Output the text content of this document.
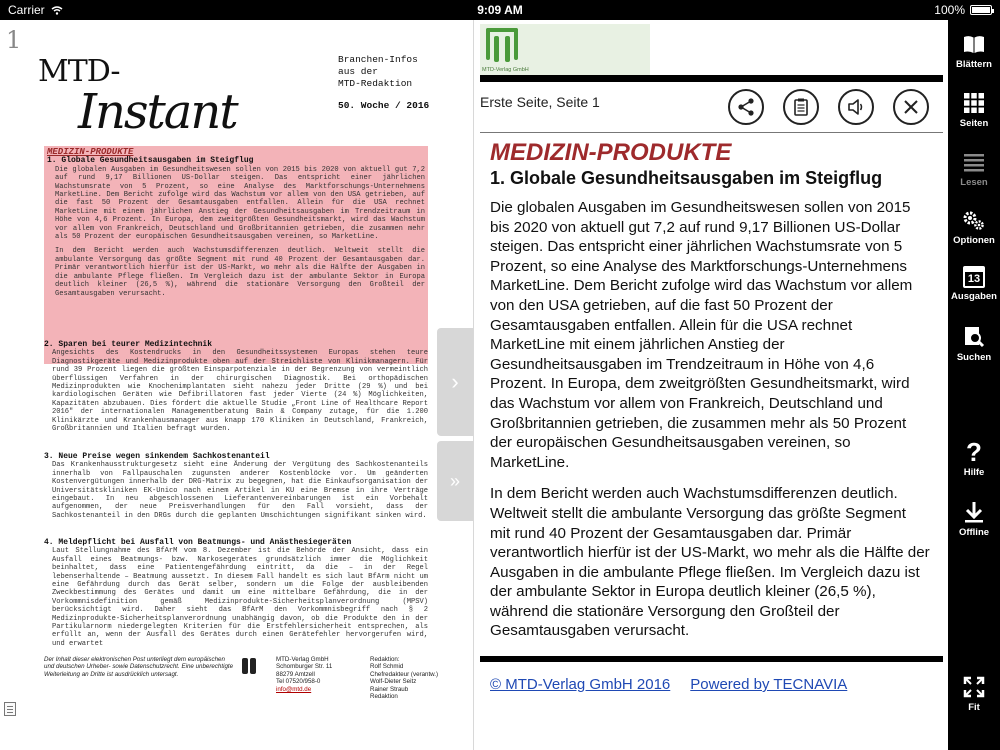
Carrier	9:09 AM	100%
1
MTD-
Instant
Branchen-Infos
aus der
MTD-Redaktion
50. Woche / 2016
MEDIZIN-PRODUKTE
1. Globale Gesundheitsausgaben im Steigflug

Die globalen Ausgaben im Gesundheitswesen sollen von 2015 bis 2020 von aktuell gut 7,2 auf rund 9,17 Billionen US-Dollar steigen. Das entspricht einer jährlichen Wachstumsrate von 5 Prozent, so eine Analyse des Marktforschungs-Unternehmens MarketLine. Dem Bericht zufolge wird das Wachstum vor allem von den USA getrieben, auf die fast 50 Prozent der Gesamtausgaben entfallen. Allein für die USA rechnet MarketLine mit einem jährlichen Anstieg der Gesundheitsausgaben im Trendzeitraum in Höhe von 4,6 Prozent. In Europa, dem zweitgrößten Gesundheitsmarkt, wird das Wachstum vor allem von Frankreich, Deutschland und Großbritannien getrieben, die zusammen mehr als 50 Prozent der europäischen Gesundheitsausgaben vereinen, so MarketLine.

In dem Bericht werden auch Wachstumsdifferenzen deutlich. Weltweit stellt die ambulante Versorgung das größte Segment mit rund 40 Prozent der Gesamtausgaben dar. Primär verantwortlich hierfür ist der US-Markt, wo mehr als die Hälfte der Ausgaben in die ambulante Pflege fließen. Im Vergleich dazu ist der ambulante Sektor in Europa deutlich kleiner (26,5 %), während die stationäre Versorgung den Großteil der Gesamtausgaben verursacht.

2. Sparen bei teurer Medizintechnik

Angesichts des Kostendrucks in den Gesundheitssystemen Europas stehen teure Diagnostikgeräte und Medizinprodukte oben auf der Streichliste von Klinikmanagern. Für rund 39 Prozent liegen die größten Einsparpotenziale in der Begrenzung von vermeintlich überflüssigen Verfahren in der chirurgischen Diagnostik. Bei orthopädischen Medizinprodukten wie Knochenimplantaten sieht nahezu jeder Dritte (29 %) und bei kardiologischen Geräten wie Defibrillatoren fast jeder Vierte (24 %) Möglichkeiten, Kapazitäten abzubauen. Dies fördert die aktuelle Studie „Front Line of Healthcare Report 2016" der internationalen Managementberatung Bain & Company zutage, für die 1.200 Klinikärzte und Krankenhausmanager aus knapp 170 Kliniken in Deutschland, Frankreich, Großbritannien und Italien befragt wurden.

3. Neue Preise wegen sinkendem Sachkostenanteil

Das Krankenhausstrukturgesetz sieht eine Änderung der Vergütung des Sachkostenanteils innerhalb von Fallpauschalen zugunsten anderer Kostenblöcke vor. Um geänderten Kostenvergütungen innerhalb der DRG-Matrix zu begegnen, hat die Einkaufsorganisation der Universitätskliniken EK-Unico nach einem Artikel in KU eine Bremse in ihre Verträge eingebaut. In neu abgeschlossenen Lieferantenvereinbarungen ist ein Vorbehalt aufgenommen, der neue Preisverhandlungen für den Fall vorsieht, dass der Sachkostenanteil in den DRGs durch die geplanten Umschichtungen signifikant sinken wird.

4. Meldepflicht bei Ausfall von Beatmungs- und Anästhesiegeräten

Laut Stellungnahme des BfArM vom 8. Dezember ist die Behörde der Ansicht, dass ein Ausfall eines Beatmungs- bzw. Narkosegerätes grundsätzlich immer die Möglichkeit beinhaltet, dass eine Patientengefährdung eintritt, da die – in der Regel lebenserhaltende – Beatmung aussetzt. In diesem Fall handelt es sich laut BfArm nicht um eine Gefährdung durch das Gerät selber, sondern um die Folge der ausbleibenden Zweckbestimmung des Gerätes und damit um eine mittelbare Gefährdung, die in der Vorkommnisdefinition gemäß Medizinprodukte-Sicherheitsplanverordnung (MPSV) berücksichtigt wird. Daher sieht das BfArM den Vorkommnisbegriff nach § 2 Medizinprodukte-Sicherheitsplanverordnung unabhängig davon, ob die Produkte den in der Partikularnorm niedergelegten Kriterien für die Erstfehlersicherheit entsprechen, als erfüllt an, wenn der Ausfall des Gerätes durch einen Gerätefehler hervorgerufen wird, und erwartet

Der Inhalt dieser elektronischen Post unterliegt dem europäischen und deutschen Urheber- sowie Datenschutzrecht. Eine unberechtigte Weiterleitung an Dritte ist ausdrücklich untersagt.
MTD-Verlag GmbH
Schomburger Str. 11
88279 Amtzell
Tel 07520/958-0
info@mtd.de
Redaktion:
Rolf Schmid
Chefredakteur (verantw.)
Wolf-Dieter Seitz
Rainer Straub
Redaktion
›
»
MTD-Verlag GmbH
Erste Seite, Seite 1
MEDIZIN-PRODUKTE
1. Globale Gesundheitsausgaben im Steigflug

Die globalen Ausgaben im Gesundheitswesen sollen von 2015 bis 2020 von aktuell gut 7,2 auf rund 9,17 Billionen US-Dollar steigen. Das entspricht einer jährlichen Wachstumsrate von 5 Prozent, so eine Analyse des Marktforschungs-Unternehmens MarketLine. Dem Bericht zufolge wird das Wachstum vor allem von den USA getrieben, auf die fast 50 Prozent der Gesamtausgaben entfallen. Allein für die USA rechnet MarketLine mit einem jährlichen Anstieg der Gesundheitsausgaben im Trendzeitraum in Höhe von 4,6 Prozent. In Europa, dem zweitgrößten Gesundheitsmarkt, wird das Wachstum vor allem von Frankreich, Deutschland und Großbritannien getrieben, die zusammen mehr als 50 Prozent der europäischen Gesundheitsausgaben vereinen, so MarketLine.

In dem Bericht werden auch Wachstumsdifferenzen deutlich. Weltweit stellt die ambulante Versorgung das größte Segment mit rund 40 Prozent der Gesamtausgaben dar. Primär verantwortlich hierfür ist der US-Markt, wo mehr als die Hälfte der Ausgaben in die ambulante Pflege fließen. Im Vergleich dazu ist der ambulante Sektor in Europa deutlich kleiner (26,5 %), während die stationäre Versorgung den Großteil der Gesamtausgaben verursacht.

© MTD-Verlag GmbH 2016 Powered by TECNAVIA
Blättern
Seiten
Lesen
Optionen
13
Ausgaben
Suchen
?
Hilfe
Offline
Fit
